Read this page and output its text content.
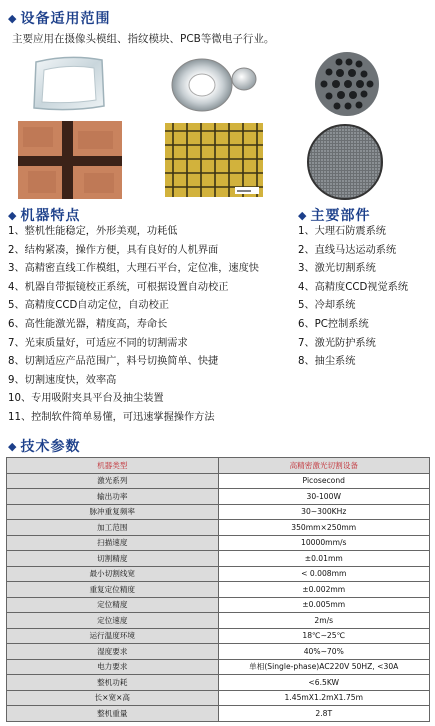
◆ 设备适用范围
主要应用在摄像头模组、指纹模块、PCB等微电子行业。
◆ 机器特点
1、整机性能稳定，外形美观，功耗低
2、结构紧凑，操作方便，具有良好的人机界面
3、高精密直线工作模组，大理石平台，定位准，速度快
4、机器自带振镜校正系统，可根据设置自动校正
5、高精度CCD自动定位，自动校正
6、高性能激光器，精度高，寿命长
7、光束质量好，可适应不同的切割需求
8、切割适应产品范围广，料号切换简单、快捷
9、切割速度快，效率高
10、专用吸附夹具平台及抽尘装置
11、控制软件简单易懂，可迅速掌握操作方法
◆ 主要部件
1、大理石防震系统
2、直线马达运动系统
3、激光切割系统
4、高精度CCD视觉系统
5、冷却系统
6、PC控制系统
7、激光防护系统
8、抽尘系统
◆ 技术参数
机器类型	高精密激光切割设备
激光系列	Picosecond
输出功率	30-100W
脉冲重复频率	30~300KHz
加工范围	350mm×250mm
扫描速度	10000mm/s
切割精度	±0.01mm
最小切割线宽	< 0.008mm
重复定位精度	±0.002mm
定位精度	±0.005mm
定位速度	2m/s
运行温度环境	18℃~25℃
湿度要求	40%~70%
电力要求	单相(Single-phase)AC220V 50HZ, <30A
整机功耗	<6.5KW
长×宽×高	1.45mX1.2mX1.75m
整机重量	2.8T
